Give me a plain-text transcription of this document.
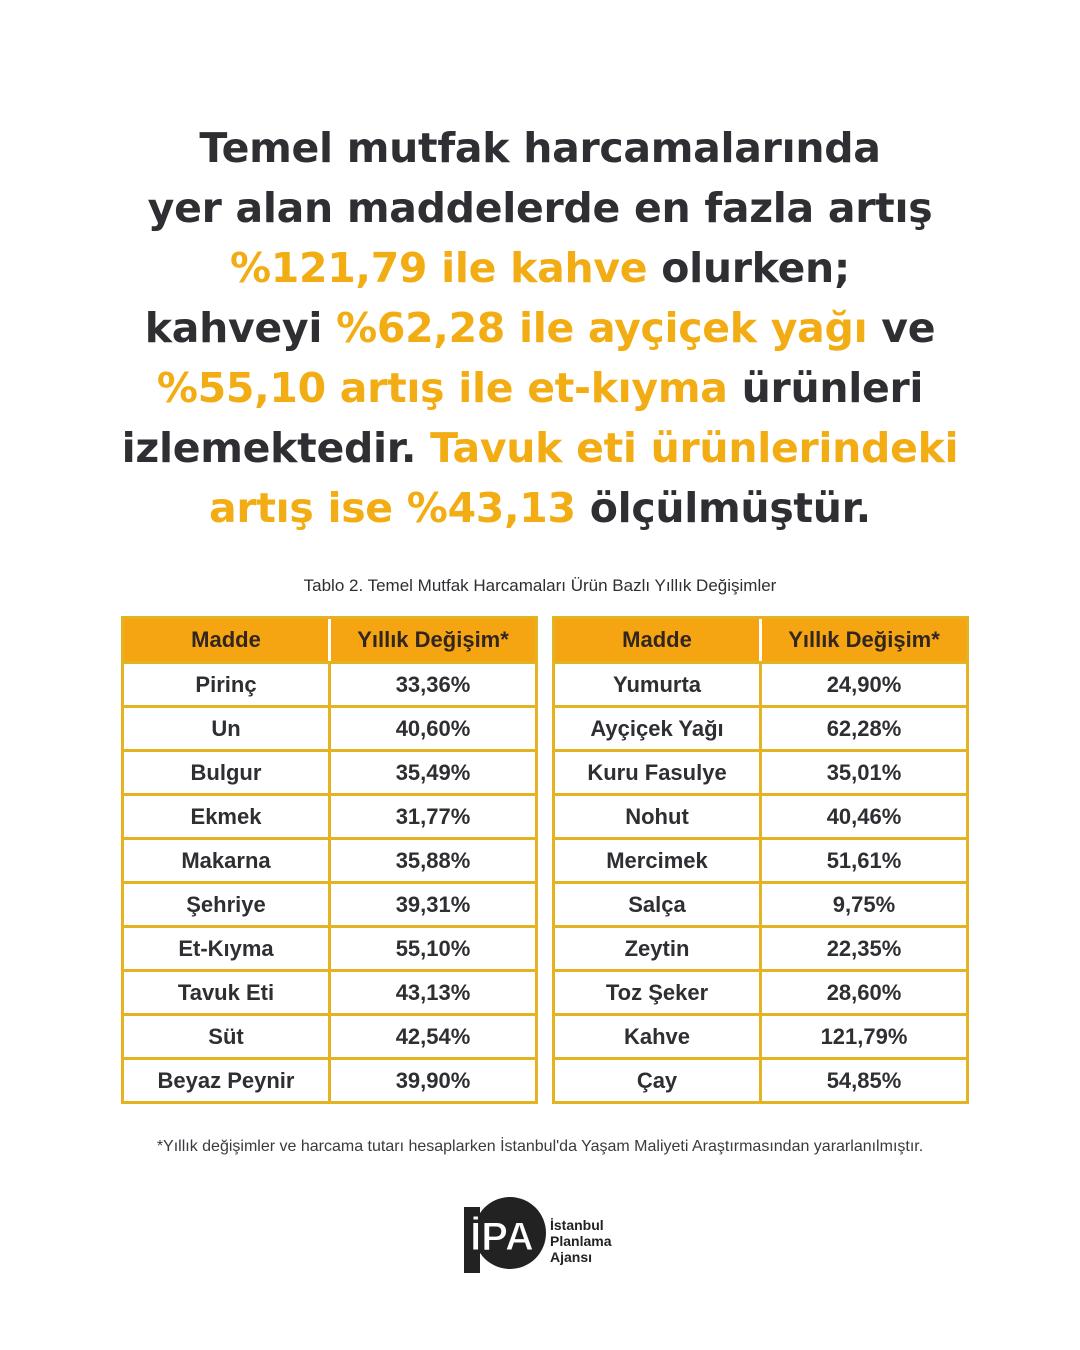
Temel mutfak harcamalarında
yer alan maddelerde en fazla artış
%121,79 ile kahve olurken;
kahveyi %62,28 ile ayçiçek yağı ve
%55,10 artış ile et-kıyma ürünleri
izlemektedir. Tavuk eti ürünlerindeki
artış ise %43,13 ölçülmüştür.
Tablo 2. Temel Mutfak Harcamaları Ürün Bazlı Yıllık Değişimler
Madde	Yıllık Değişim*
Pirinç	33,36%
Un	40,60%
Bulgur	35,49%
Ekmek	31,77%
Makarna	35,88%
Şehriye	39,31%
Et-Kıyma	55,10%
Tavuk Eti	43,13%
Süt	42,54%
Beyaz Peynir	39,90%
Madde	Yıllık Değişim*
Yumurta	24,90%
Ayçiçek Yağı	62,28%
Kuru Fasulye	35,01%
Nohut	40,46%
Mercimek	51,61%
Salça	9,75%
Zeytin	22,35%
Toz Şeker	28,60%
Kahve	121,79%
Çay	54,85%
*Yıllık değişimler ve harcama tutarı hesaplarken İstanbul'da Yaşam Maliyeti Araştırmasından yararlanılmıştır.
İPA İstanbul
Planlama
Ajansı
